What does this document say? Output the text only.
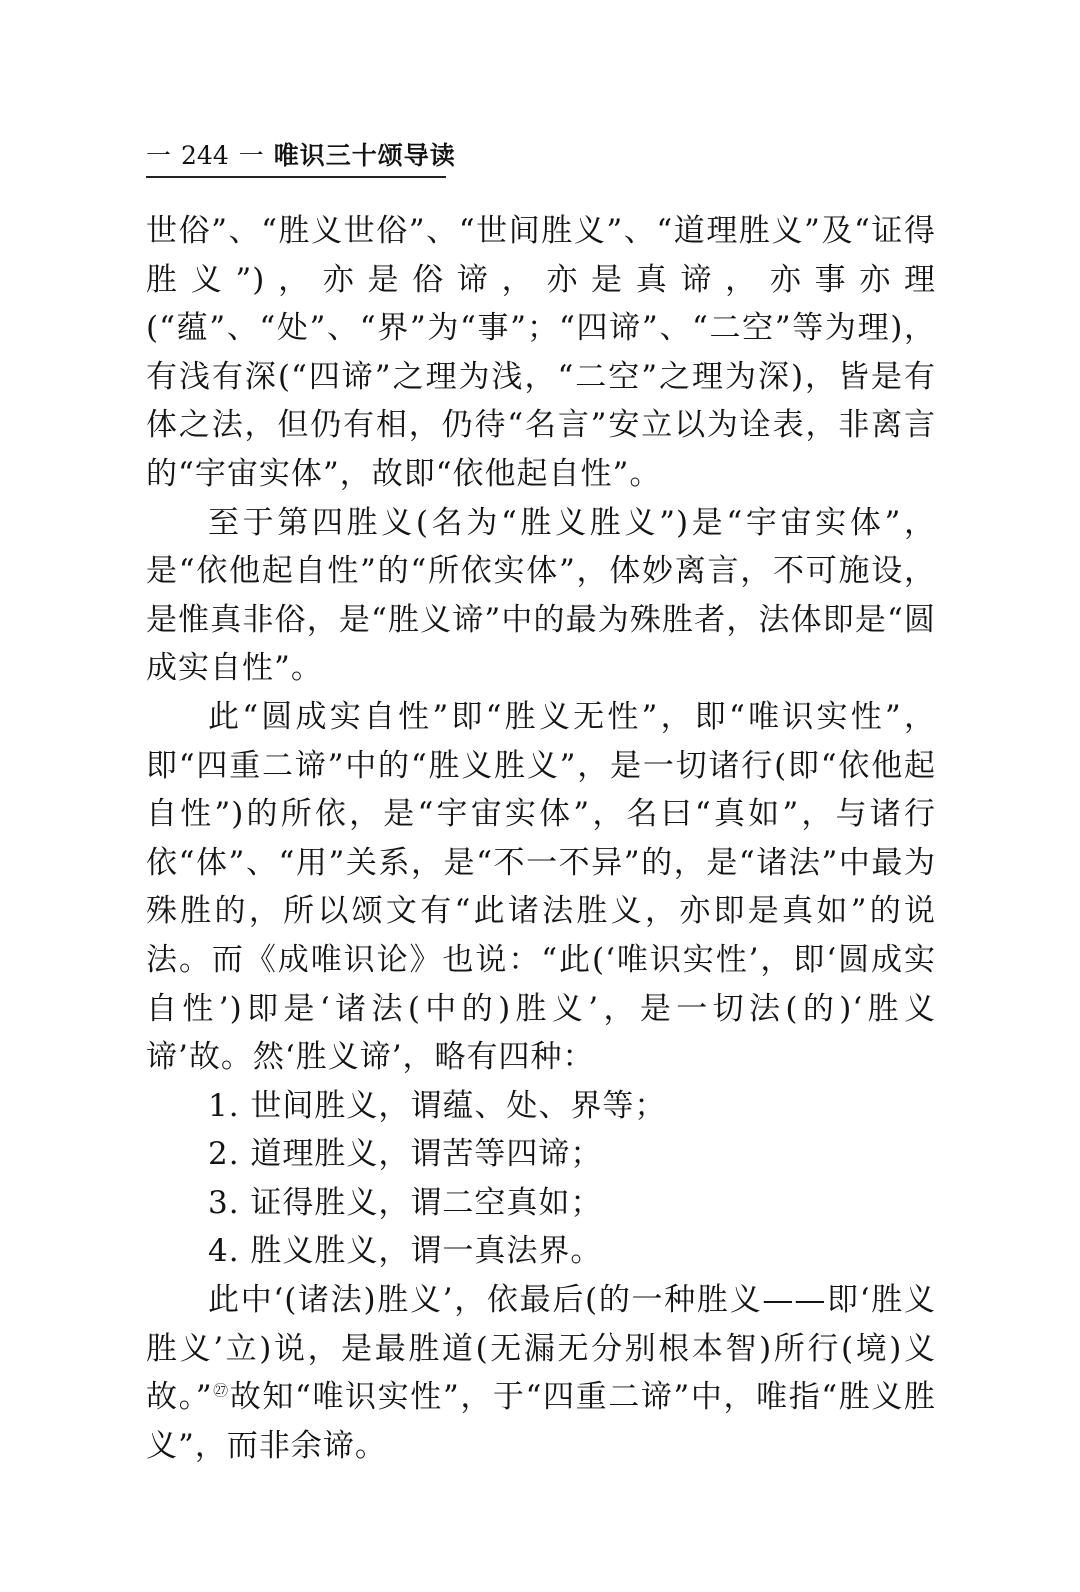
一 244 一 唯识三十颂导读

世俗”、“胜义世俗”、“世间胜义”、“道理胜义”及“证得胜义”)，亦是俗谛，亦是真谛，亦事亦理(“蕴”、“处”、“界”为“事”；“四谛”、“二空”等为理)，有浅有深(“四谛”之理为浅，“二空”之理为深)，皆是有体之法，但仍有相，仍待“名言”安立以为诠表，非离言的“宇宙实体”，故即“依他起自性”。

至于第四胜义(名为“胜义胜义”)是“宇宙实体”，是“依他起自性”的“所依实体”，体妙离言，不可施设，是惟真非俗，是“胜义谛”中的最为殊胜者，法体即是“圆成实自性”。

此“圆成实自性”即“胜义无性”，即“唯识实性”，即“四重二谛”中的“胜义胜义”，是一切诸行(即“依他起自性”)的所依，是“宇宙实体”，名曰“真如”，与诸行依“体”、“用”关系，是“不一不异”的，是“诸法”中最为殊胜的，所以颂文有“此诸法胜义，亦即是真如”的说法。而《成唯识论》也说：“此(‘唯识实性’，即‘圆成实自性’)即是‘诸法(中的)胜义’，是一切法(的)‘胜义谛’故。然‘胜义谛’，略有四种：

1. 世间胜义，谓蕴、处、界等；
2. 道理胜义，谓苦等四谛；
3. 证得胜义，谓二空真如；
4. 胜义胜义，谓一真法界。

此中‘(诸法)胜义’，依最后(的一种胜义——即‘胜义胜义’立)说，是最胜道(无漏无分别根本智)所行(境)义故。”$^㉗$故知“唯识实性”，于“四重二谛”中，唯指“胜义胜义”，而非余谛。
